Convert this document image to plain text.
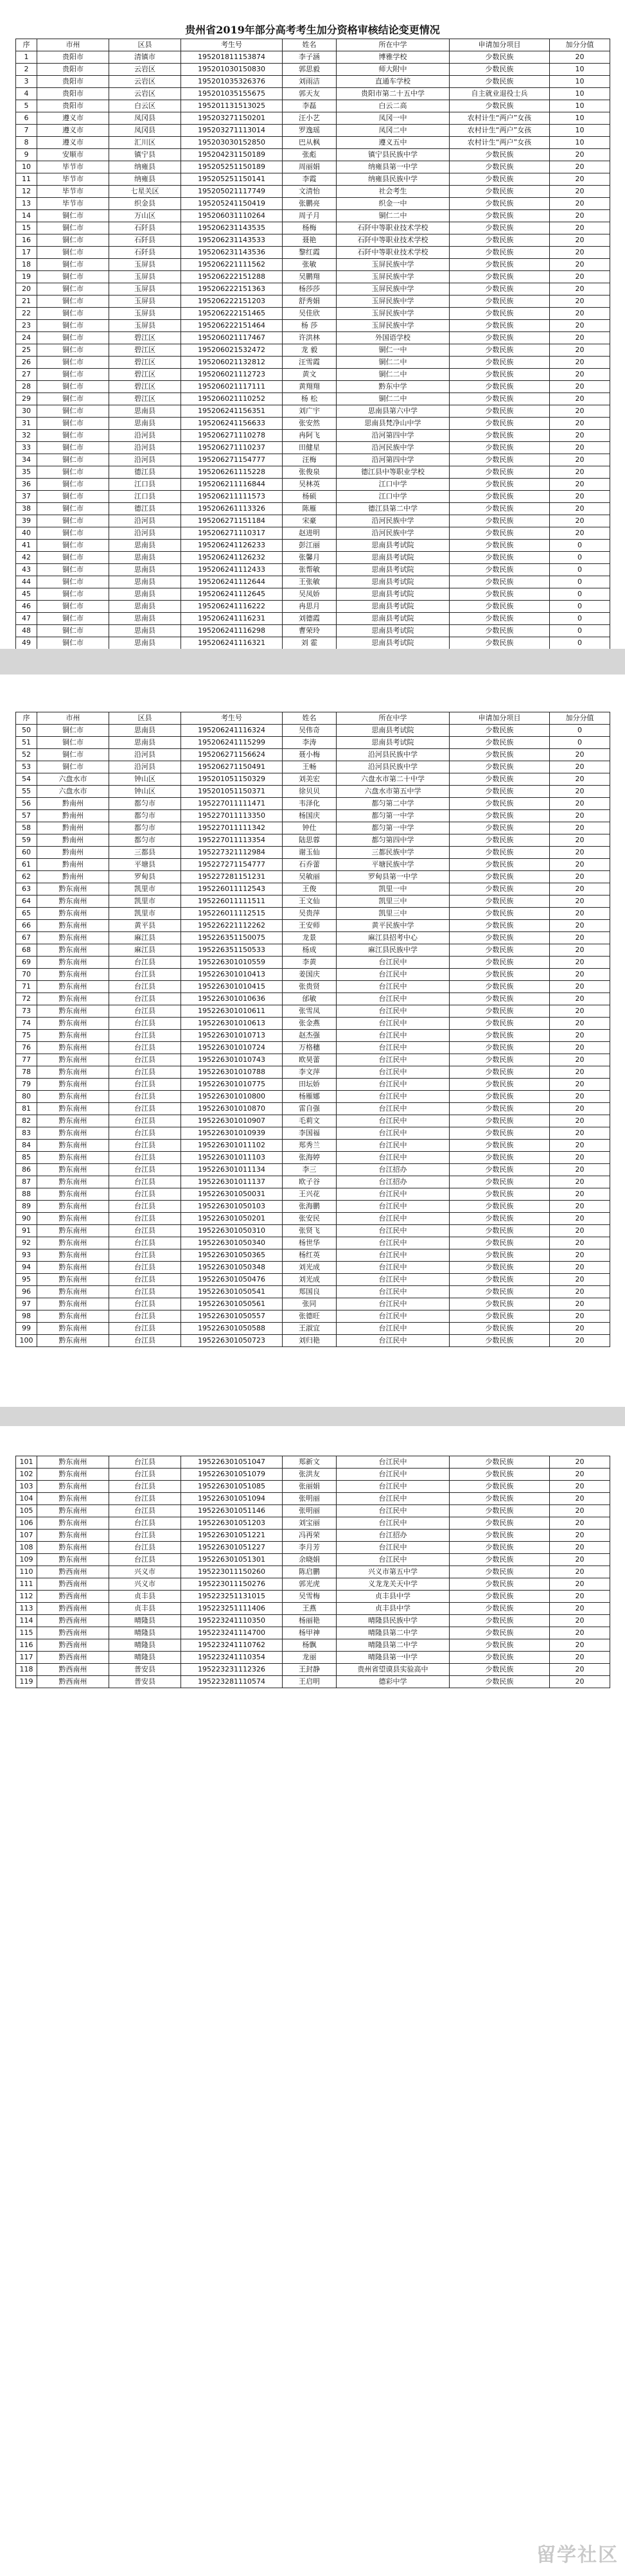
贵州省2019年部分高考考生加分资格审核结论变更情况
序	市州	区县	考生号	姓名	所在中学	申请加分项目	加分分值
1	贵阳市	清镇市	195201811153874	李子涵	博雅学校	少数民族	20
2	贵阳市	云岩区	195201030150830	郭思毅	师大附中	少数民族	10
3	贵阳市	云岩区	195201035326376	刘雨洁	直通车学校	少数民族	10
4	贵阳市	云岩区	195201035155675	郭天友	贵阳市第二十五中学	自主就业退役士兵	10
5	贵阳市	白云区	195201131513025	李磊	白云二高	少数民族	10
6	遵义市	凤冈县	195203271150201	汪小艺	凤冈一中	农村计生“两户”女孩	10
7	遵义市	凤冈县	195203271113014	罗逸瑶	凤冈二中	农村计生“两户”女孩	10
8	遵义市	汇川区	195203030152850	巴从枫	遵义五中	农村计生“两户”女孩	10
9	安顺市	镇宁县	195204231150189	张彪	镇宁县民族中学	少数民族	20
10	毕节市	纳雍县	195205251150189	周丽娟	纳雍县第一中学	少数民族	20
11	毕节市	纳雍县	195205251150141	李霞	纳雍县民族中学	少数民族	20
12	毕节市	七星关区	195205021117749	文清怡	社会考生	少数民族	20
13	毕节市	织金县	195205241150419	张鹏亮	织金一中	少数民族	20
14	铜仁市	万山区	195206031110264	周子月	铜仁二中	少数民族	20
15	铜仁市	石阡县	195206231143535	杨梅	石阡中等职业技术学校	少数民族	20
16	铜仁市	石阡县	195206231143533	聂艳	石阡中等职业技术学校	少数民族	20
17	铜仁市	石阡县	195206231143536	黎红霞	石阡中等职业技术学校	少数民族	20
18	铜仁市	玉屏县	195206221111562	张敏	玉屏民族中学	少数民族	20
19	铜仁市	玉屏县	195206222151288	吴鹏翔	玉屏民族中学	少数民族	20
20	铜仁市	玉屏县	195206222151363	杨莎莎	玉屏民族中学	少数民族	20
21	铜仁市	玉屏县	195206222151203	舒秀娟	玉屏民族中学	少数民族	20
22	铜仁市	玉屏县	195206222151465	吴佳欣	玉屏民族中学	少数民族	20
23	铜仁市	玉屏县	195206222151464	杨 莎	玉屏民族中学	少数民族	20
24	铜仁市	碧江区	195206021117467	许洪林	外国语学校	少数民族	20
25	铜仁市	碧江区	195206021532472	龙 毅	铜仁一中	少数民族	20
26	铜仁市	碧江区	195206021132812	汪雪霞	铜仁二中	少数民族	20
27	铜仁市	碧江区	195206021112723	黄文	铜仁二中	少数民族	20
28	铜仁市	碧江区	195206021117111	黄翔翔	黔东中学	少数民族	20
29	铜仁市	碧江区	195206021110252	杨 松	铜仁二中	少数民族	20
30	铜仁市	思南县	195206241156351	刘广宇	思南县第六中学	少数民族	20
31	铜仁市	思南县	195206241156633	张安然	思南县梵净山中学	少数民族	20
32	铜仁市	沿河县	195206271110278	冉阿飞	沿河第四中学	少数民族	20
33	铜仁市	沿河县	195206271110237	田健星	沿河民族中学	少数民族	20
34	铜仁市	沿河县	195206271154777	汪梅	沿河第四中学	少数民族	20
35	铜仁市	德江县	195206261115228	张俊泉	德江县中等职业学校	少数民族	20
36	铜仁市	江口县	195206211116844	吴林英	江口中学	少数民族	20
37	铜仁市	江口县	195206211111573	杨硕	江口中学	少数民族	20
38	铜仁市	德江县	195206261113326	陈雁	德江县第二中学	少数民族	20
39	铜仁市	沿河县	195206271151184	宋豪	沿河民族中学	少数民族	20
40	铜仁市	沿河县	195206271110317	赵进明	沿河民族中学	少数民族	20
41	铜仁市	思南县	195206241126233	彭江丽	思南县考试院	少数民族	0
42	铜仁市	思南县	195206241126232	张馨月	思南县考试院	少数民族	0
43	铜仁市	思南县	195206241112433	张帮敏	思南县考试院	少数民族	0
44	铜仁市	思南县	195206241112644	王张敏	思南县考试院	少数民族	0
45	铜仁市	思南县	195206241112645	吴凤娇	思南县考试院	少数民族	0
46	铜仁市	思南县	195206241116222	冉思月	思南县考试院	少数民族	0
47	铜仁市	思南县	195206241116231	刘德霞	思南县考试院	少数民族	0
48	铜仁市	思南县	195206241116298	曹荣玲	思南县考试院	少数民族	0
49	铜仁市	思南县	195206241116321	刘 霍	思南县考试院	少数民族	0
序	市州	区县	考生号	姓名	所在中学	申请加分项目	加分分值
50	铜仁市	思南县	195206241116324	吴伟奇	思南县考试院	少数民族	0
51	铜仁市	思南县	195206241115299	李涛	思南县考试院	少数民族	0
52	铜仁市	沿河县	195206271156624	聂小梅	沿河县民族中学	少数民族	20
53	铜仁市	沿河县	195206271150491	王畅	沿河县民族中学	少数民族	20
54	六盘水市	钟山区	195201051150329	刘美宏	六盘水市第二十中学	少数民族	20
55	六盘水市	钟山区	195201051150371	徐贝贝	六盘水市第五中学	少数民族	20
56	黔南州	都匀市	195227011111471	韦泽化	都匀第二中学	少数民族	20
57	黔南州	都匀市	195227011113350	杨国庆	都匀第一中学	少数民族	20
58	黔南州	都匀市	195227011111342	钟仕	都匀第一中学	少数民族	20
59	黔南州	都匀市	195227011113354	陆思蓉	都匀第四中学	少数民族	20
60	黔南州	三都县	195227321112984	谢玉仙	三都民族中学	少数民族	20
61	黔南州	平塘县	195227271154777	石乔蕾	平塘民族中学	少数民族	20
62	黔南州	罗甸县	195227281151231	吴敏丽	罗甸县第一中学	少数民族	20
63	黔东南州	凯里市	195226011112543	王俊	凯里一中	少数民族	20
64	黔东南州	凯里市	195226011111511	王文仙	凯里三中	少数民族	20
65	黔东南州	凯里市	195226011112515	吴贵萍	凯里三中	少数民族	20
66	黔东南州	黄平县	195226221112262	王安师	黄平民族中学	少数民族	20
67	黔东南州	麻江县	195226351150075	龙景	麻江县招考中心	少数民族	20
68	黔东南州	麻江县	195226351150533	杨成	麻江县民族中学	少数民族	20
69	黔东南州	台江县	195226301010559	李黄	台江民中	少数民族	20
70	黔东南州	台江县	195226301010413	姜国庆	台江民中	少数民族	20
71	黔东南州	台江县	195226301010415	张贵贤	台江民中	少数民族	20
72	黔东南州	台江县	195226301010636	邰敏	台江民中	少数民族	20
73	黔东南州	台江县	195226301010611	张雪凤	台江民中	少数民族	20
74	黔东南州	台江县	195226301010613	张金燕	台江民中	少数民族	20
75	黔东南州	台江县	195226301010713	赵杰强	台江民中	少数民族	20
76	黔东南州	台江县	195226301010724	万格穗	台江民中	少数民族	20
77	黔东南州	台江县	195226301010743	欧昊蕾	台江民中	少数民族	20
78	黔东南州	台江县	195226301010788	李文萍	台江民中	少数民族	20
79	黔东南州	台江县	195226301010775	田坛娇	台江民中	少数民族	20
80	黔东南州	台江县	195226301010800	杨雁娜	台江民中	少数民族	20
81	黔东南州	台江县	195226301010870	雷自强	台江民中	少数民族	20
82	黔东南州	台江县	195226301010907	毛莉文	台江民中	少数民族	20
83	黔东南州	台江县	195226301010939	李国福	台江民中	少数民族	20
84	黔东南州	台江县	195226301011102	郑秀兰	台江民中	少数民族	20
85	黔东南州	台江县	195226301011103	张海婷	台江民中	少数民族	20
86	黔东南州	台江县	195226301011134	李三	台江招办	少数民族	20
87	黔东南州	台江县	195226301011137	欧子谷	台江招办	少数民族	20
88	黔东南州	台江县	195226301050031	王兴花	台江民中	少数民族	20
89	黔东南州	台江县	195226301050103	张海鹏	台江民中	少数民族	20
90	黔东南州	台江县	195226301050201	张安民	台江民中	少数民族	20
91	黔东南州	台江县	195226301050310	张贤飞	台江民中	少数民族	20
92	黔东南州	台江县	195226301050340	杨世华	台江民中	少数民族	20
93	黔东南州	台江县	195226301050365	杨红英	台江民中	少数民族	20
94	黔东南州	台江县	195226301050348	刘光成	台江民中	少数民族	20
95	黔东南州	台江县	195226301050476	刘光成	台江民中	少数民族	20
96	黔东南州	台江县	195226301050541	郑国良	台江民中	少数民族	20
97	黔东南州	台江县	195226301050561	张同	台江民中	少数民族	20
98	黔东南州	台江县	195226301050557	张德旺	台江民中	少数民族	20
99	黔东南州	台江县	195226301050588	王淑宜	台江民中	少数民族	20
100	黔东南州	台江县	195226301050723	刘归艳	台江民中	少数民族	20
101	黔东南州	台江县	195226301051047	郑新文	台江民中	少数民族	20
102	黔东南州	台江县	195226301051079	张洪友	台江民中	少数民族	20
103	黔东南州	台江县	195226301051085	张丽娟	台江民中	少数民族	20
104	黔东南州	台江县	195226301051094	张明丽	台江民中	少数民族	20
105	黔东南州	台江县	195226301051146	张明丽	台江民中	少数民族	20
106	黔东南州	台江县	195226301051203	刘宝丽	台江民中	少数民族	20
107	黔东南州	台江县	195226301051221	冯再荣	台江招办	少数民族	20
108	黔东南州	台江县	195226301051227	李月芳	台江民中	少数民族	20
109	黔东南州	台江县	195226301051301	余晓娟	台江民中	少数民族	20
110	黔西南州	兴义市	195223011150260	陈启鹏	兴义市第五中学	少数民族	20
111	黔西南州	兴义市	195223011150276	郭光虎	义龙龙关天中学	少数民族	20
112	黔西南州	贞丰县	195223251131015	吴雪梅	贞丰县中学	少数民族	20
113	黔西南州	贞丰县	195223251111406	王燕	贞丰县中学	少数民族	20
114	黔西南州	晴隆县	195223241110350	杨丽艳	晴隆县民族中学	少数民族	20
115	黔西南州	晴隆县	195223241114700	杨甲神	晴隆县第二中学	少数民族	20
116	黔西南州	晴隆县	195223241110762	杨飘	晴隆县第二中学	少数民族	20
117	黔西南州	晴隆县	195223241110354	龙丽	晴隆县第一中学	少数民族	20
118	黔西南州	普安县	195223231112326	王封静	贵州省望谟县实验高中	少数民族	20
119	黔西南州	普安县	195223281110574	王启明	德彩中学	少数民族	20
留学社区
